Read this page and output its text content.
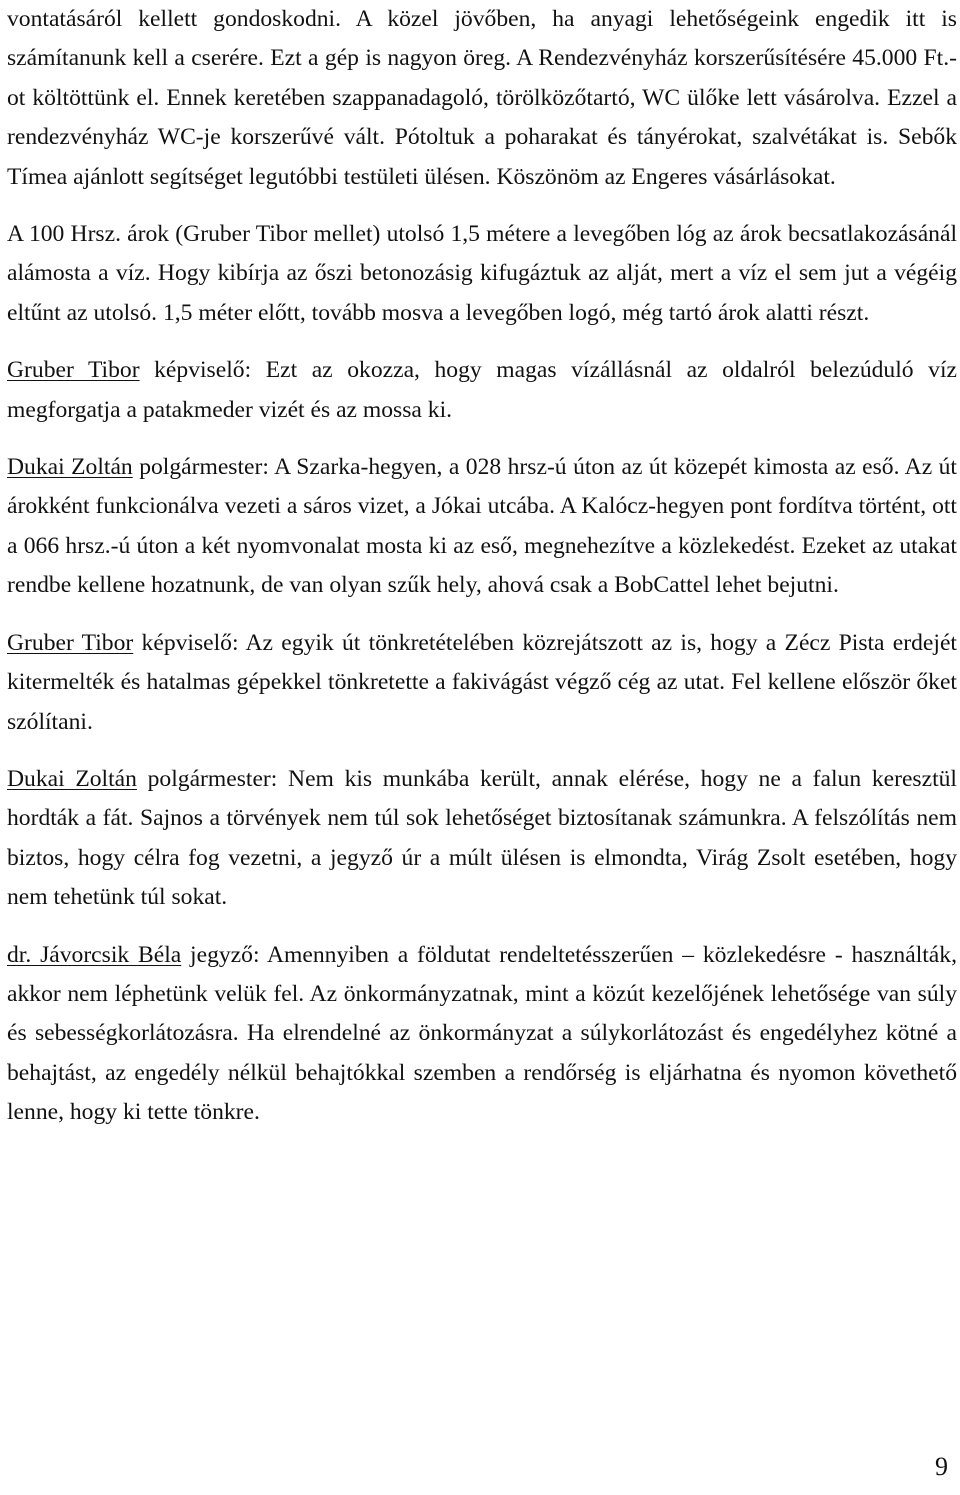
vontatásáról kellett gondoskodni. A közel jövőben, ha anyagi lehetőségeink engedik itt is számítanunk kell a cserére. Ezt a gép is nagyon öreg. A Rendezvényház korszerűsítésére 45.000 Ft.-ot költöttünk el. Ennek keretében szappanadagoló, törölközőtartó, WC ülőke lett vásárolva. Ezzel a rendezvényház WC-je korszerűvé vált. Pótoltuk a poharakat és tányérokat, szalvétákat is. Sebők Tímea ajánlott segítséget legutóbbi testületi ülésen. Köszönöm az Engeres vásárlásokat.

A 100 Hrsz. árok (Gruber Tibor mellet) utolsó 1,5 métere a levegőben lóg az árok becsatlakozásánál alámosta a víz. Hogy kibírja az őszi betonozásig kifugáztuk az alját, mert a víz el sem jut a végéig eltűnt az utolsó. 1,5 méter előtt, tovább mosva a levegőben logó, még tartó árok alatti részt.

Gruber Tibor képviselő: Ezt az okozza, hogy magas vízállásnál az oldalról belezúduló víz megforgatja a patakmeder vizét és az mossa ki.

Dukai Zoltán polgármester: A Szarka-hegyen, a 028 hrsz-ú úton az út közepét kimosta az eső. Az út árokként funkcionálva vezeti a sáros vizet, a Jókai utcába. A Kalócz-hegyen pont fordítva történt, ott a 066 hrsz.-ú úton a két nyomvonalat mosta ki az eső, megnehezítve a közlekedést. Ezeket az utakat rendbe kellene hozatnunk, de van olyan szűk hely, ahová csak a BobCattel lehet bejutni.

Gruber Tibor képviselő: Az egyik út tönkretételében közrejátszott az is, hogy a Zécz Pista erdejét kitermelték és hatalmas gépekkel tönkretette a fakivágást végző cég az utat. Fel kellene először őket szólítani.

Dukai Zoltán polgármester: Nem kis munkába került, annak elérése, hogy ne a falun keresztül hordták a fát. Sajnos a törvények nem túl sok lehetőséget biztosítanak számunkra. A felszólítás nem biztos, hogy célra fog vezetni, a jegyző úr a múlt ülésen is elmondta, Virág Zsolt esetében, hogy nem tehetünk túl sokat.

dr. Jávorcsik Béla jegyző: Amennyiben a földutat rendeltetésszerűen – közlekedésre - használták, akkor nem léphetünk velük fel. Az önkormányzatnak, mint a közút kezelőjének lehetősége van súly és sebességkorlátozásra. Ha elrendelné az önkormányzat a súlykorlátozást és engedélyhez kötné a behajtást, az engedély nélkül behajtókkal szemben a rendőrség is eljárhatna és nyomon követhető lenne, hogy ki tette tönkre.

9
